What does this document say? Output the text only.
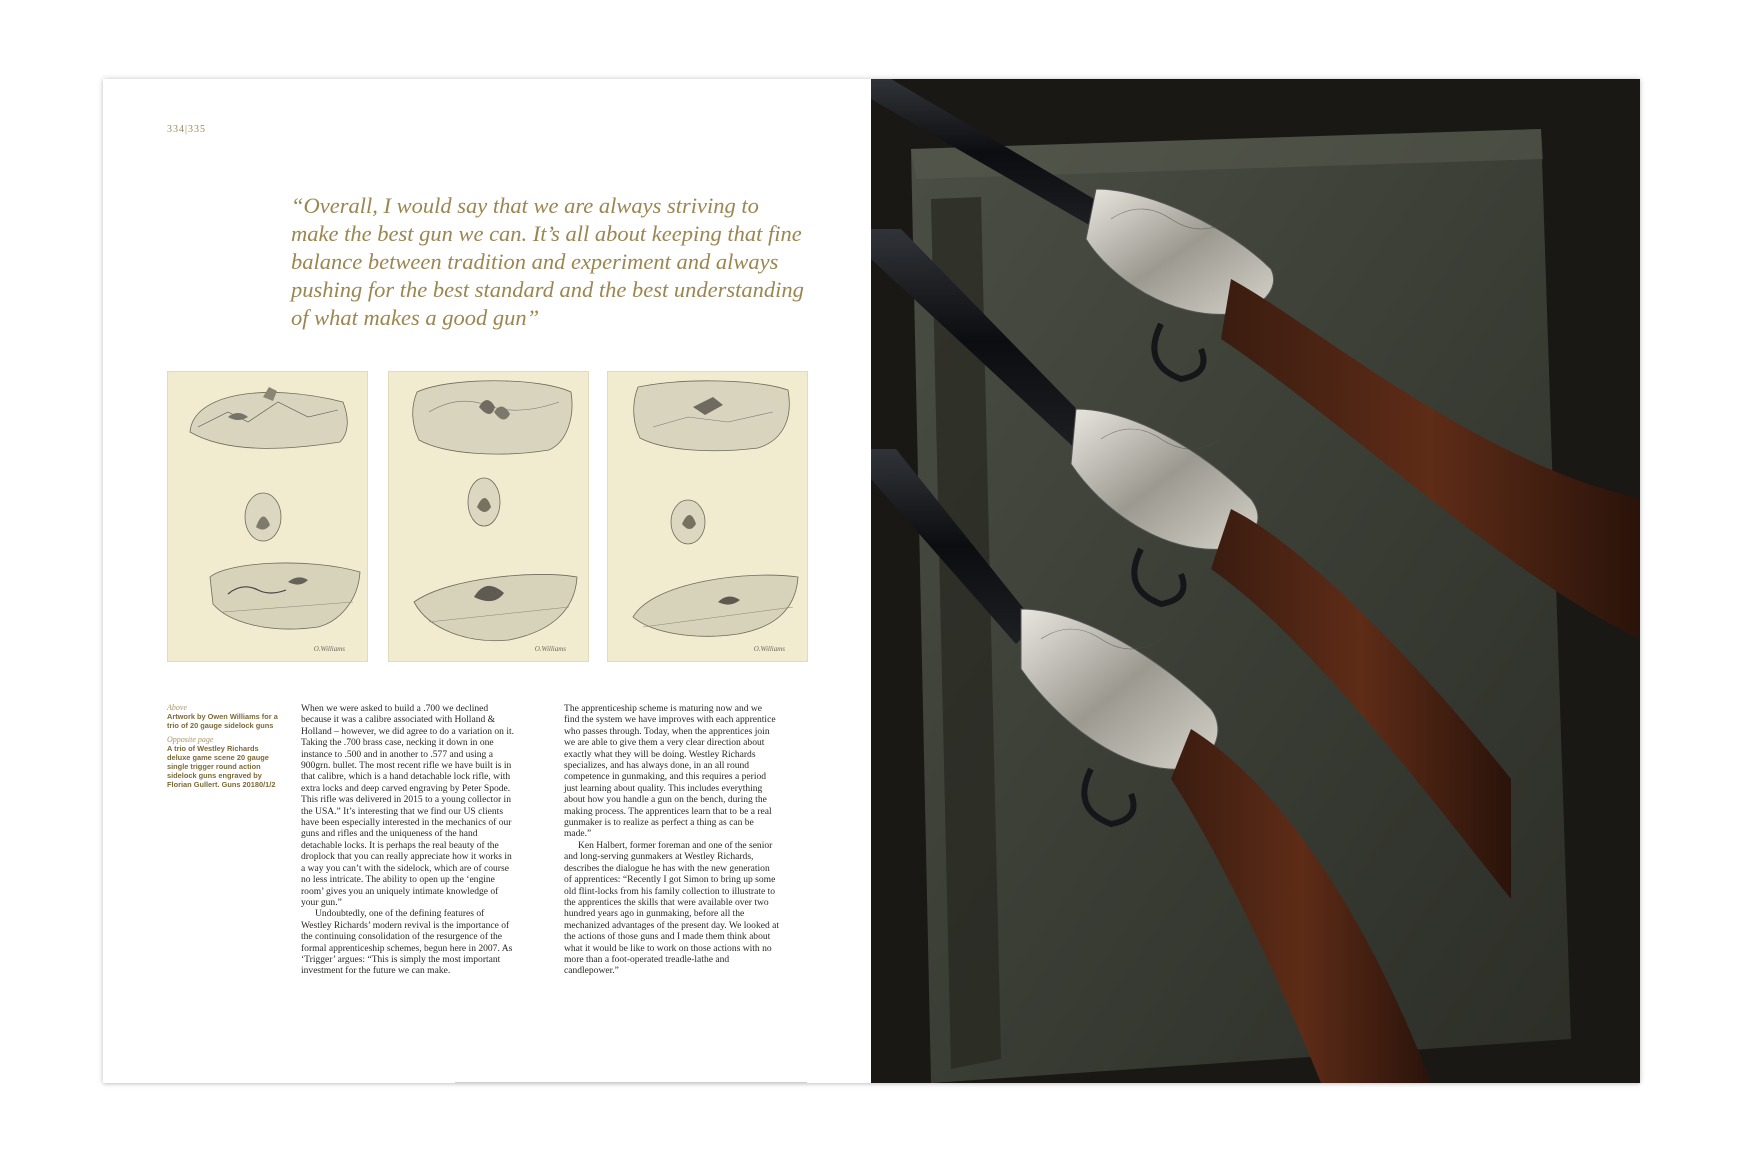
334|335

“Overall, I would say that we are always striving to make the best gun we can. It’s all about keeping that fine balance between tradition and experiment and always pushing for the best standard and the best understanding of what makes a good gun”

O.Williams	O.Williams	O.Williams
Above
Artwork by Owen Williams for a trio of 20 gauge sidelock guns
Opposite page
A trio of Westley Richards deluxe game scene 20 gauge single trigger round action sidelock guns engraved by Florian Gullert. Guns 20180/1/2

When we were asked to build a .700 we declined because it was a calibre associated with Holland & Holland – however, we did agree to do a variation on it. Taking the .700 brass case, necking it down in one instance to .500 and in another to .577 and using a 900grn. bullet. The most recent rifle we have built is in that calibre, which is a hand detachable lock rifle, with extra locks and deep carved engraving by Peter Spode. This rifle was delivered in 2015 to a young collector in the USA.” It’s interesting that we find our US clients have been especially interested in the mechanics of our guns and rifles and the uniqueness of the hand detachable locks. It is perhaps the real beauty of the droplock that you can really appreciate how it works in a way you can’t with the sidelock, which are of course no less intricate. The ability to open up the ‘engine room’ gives you an uniquely intimate knowledge of your gun.”

Undoubtedly, one of the defining features of Westley Richards’ modern revival is the importance of the continuing consolidation of the resurgence of the formal apprenticeship schemes, begun here in 2007. As ‘Trigger’ argues: “This is simply the most important investment for the future we can make.

The apprenticeship scheme is maturing now and we find the system we have improves with each apprentice who passes through. Today, when the apprentices join we are able to give them a very clear direction about exactly what they will be doing. Westley Richards specializes, and has always done, in an all round competence in gunmaking, and this requires a period just learning about quality. This includes everything about how you handle a gun on the bench, during the making process. The apprentices learn that to be a real gunmaker is to realize as perfect a thing as can be made.”

Ken Halbert, former foreman and one of the senior and long-serving gunmakers at Westley Richards, describes the dialogue he has with the new generation of apprentices: “Recently I got Simon to bring up some old flint-locks from his family collection to illustrate to the apprentices the skills that were available over two hundred years ago in gunmaking, before all the mechanized advantages of the present day. We looked at the actions of those guns and I made them think about what it would be like to work on those actions with no more than a foot-operated treadle-lathe and candlepower.”
